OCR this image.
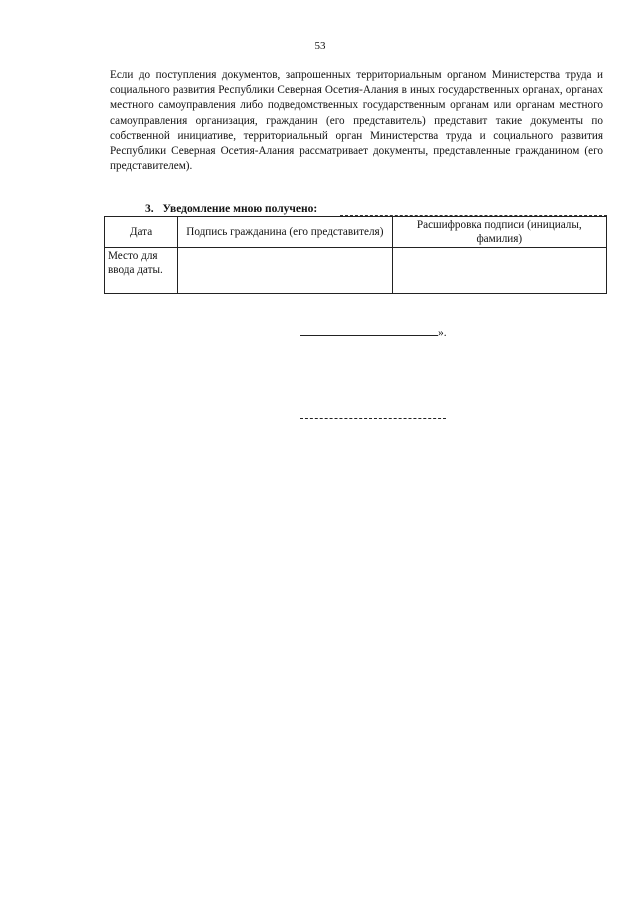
53

Если до поступления документов, запрошенных территориальным органом Министерства труда и социального развития Республики Северная Осетия-Алания в иных государственных органах, органах местного самоуправления либо подведомственных государственным органам или органам местного самоуправления организация, гражданин (его представитель) представит такие документы по собственной инициативе, территориальный орган Министерства труда и социального развития Республики Северная Осетия-Алания рассматривает документы, представленные гражданином (его представителем).

3. Уведомление мною получено:
Дата	Подпись гражданина (его представителя)	Расшифровка подписи (инициалы, фамилия)
Место для ввода даты.		
».
